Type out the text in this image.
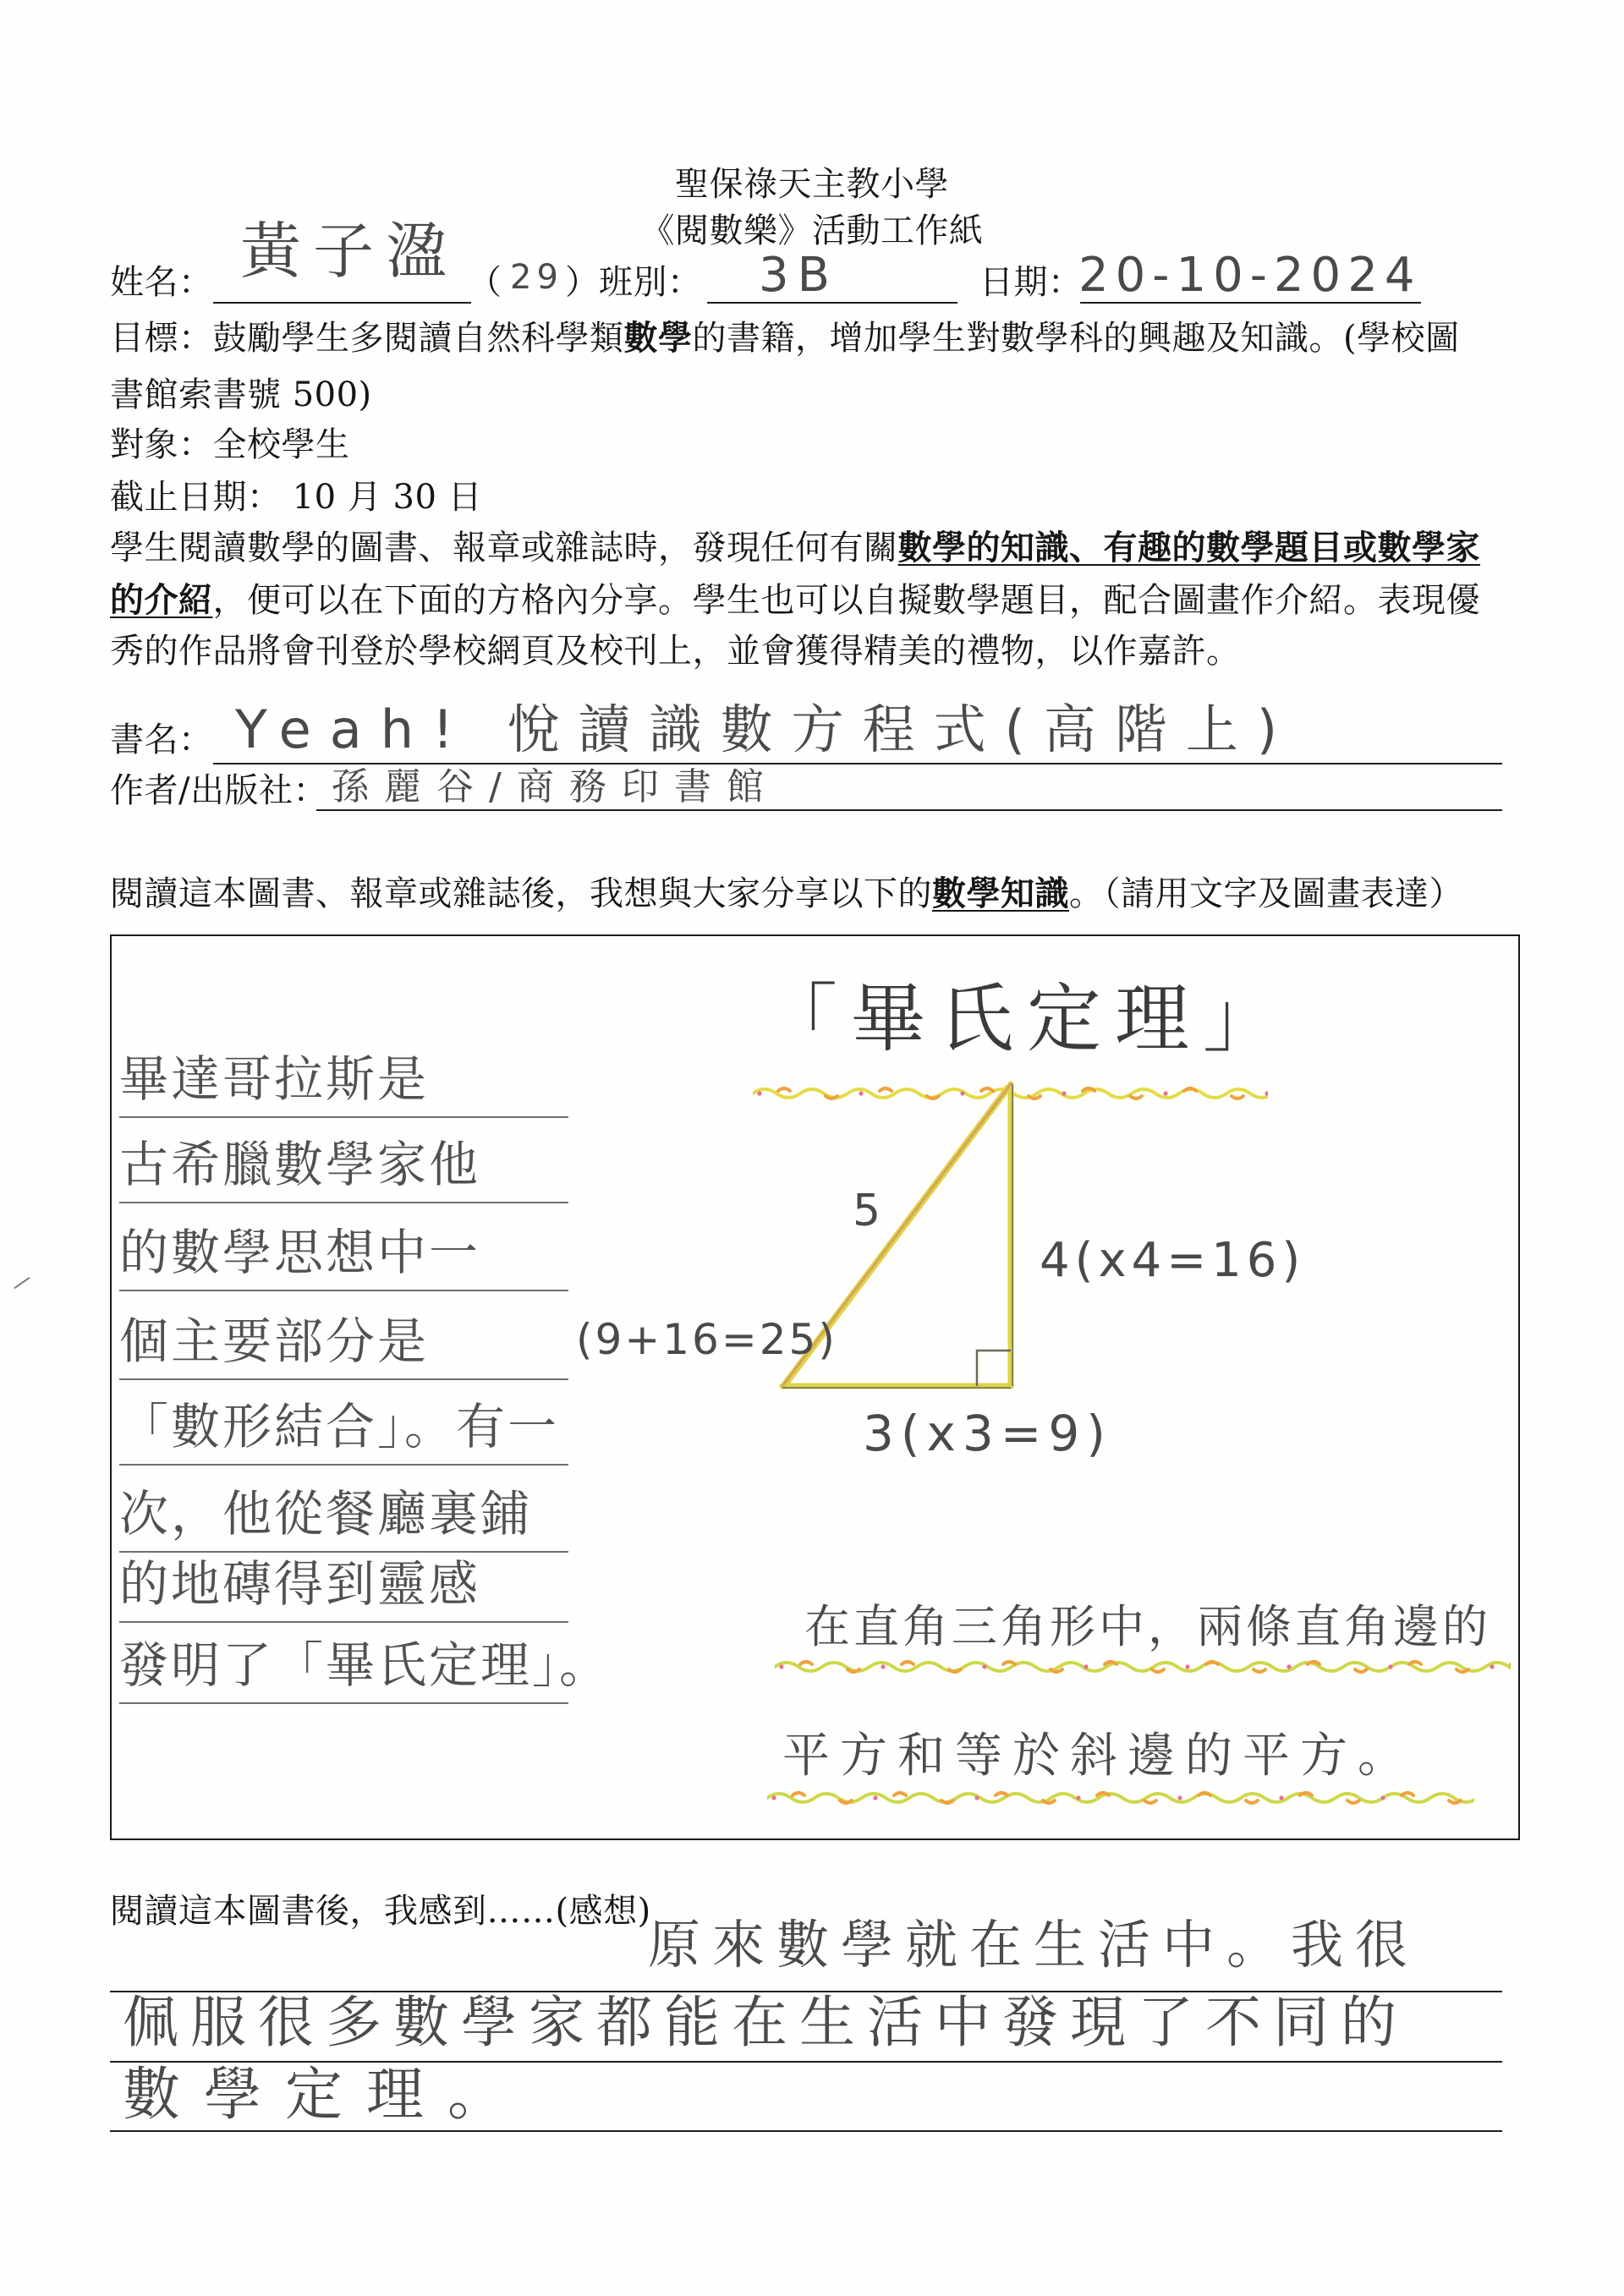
聖保祿天主教小學
《閱數樂》活動工作紙
姓名： 黃子溋 （ 29 ） 班別： 3B	日期：
20-10-2024
目標：鼓勵學生多閱讀自然科學類數學的書籍，增加學生對數學科的興趣及知識。(學校圖
書館索書號 500)
對象：全校學生
截止日期： 10 月 30 日
學生閱讀數學的圖書、報章或雜誌時，發現任何有關數學的知識、有趣的數學題目或數學家
的介紹，便可以在下面的方格內分享。學生也可以自擬數學題目，配合圖畫作介紹。表現優
秀的作品將會刊登於學校網頁及校刊上，並會獲得精美的禮物，以作嘉許。
書名： Yeah! 悅讀識數方程式(高階上)
作者/出版社： 孫麗谷/商務印書館
閱讀這本圖書、報章或雜誌後，我想與大家分享以下的數學知識。（請用文字及圖畫表達）
「畢氏定理」
畢達哥拉斯是
古希臘數學家他
的數學思想中一
個主要部分是
「數形結合」。有一
次，他從餐廳裏鋪
的地磚得到靈感
發明了「畢氏定理」。
5
4(x4=16)
(9+16=25)
3(x3=9)
在直角三角形中，兩條直角邊的
平方和等於斜邊的平方。
閱讀這本圖書後，我感到……(感想)
原來數學就在生活中。我很
佩服很多數學家都能在生活中發現了不同的
數學定理。
